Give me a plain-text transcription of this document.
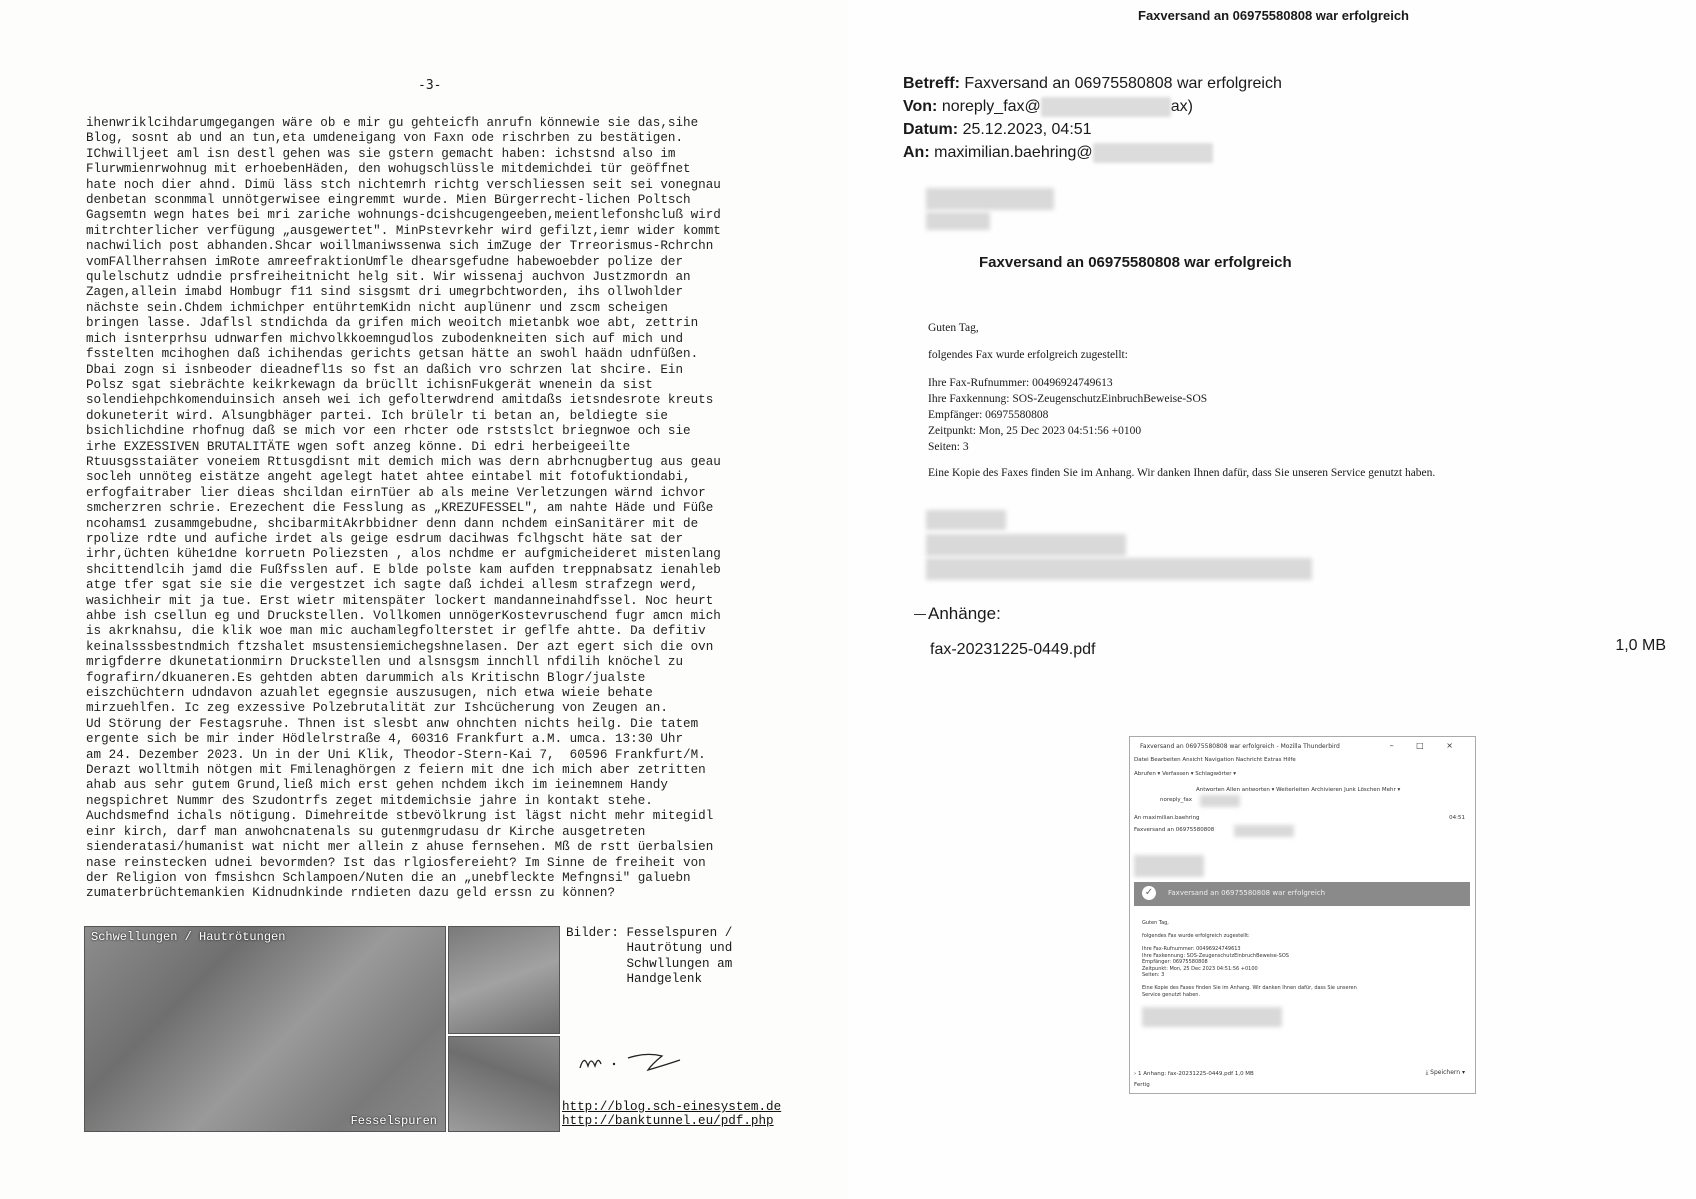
-3-
ihenwriklcihdarumgegangen wäre ob e mir gu gehteicfh anrufn könnewie sie das,sihe
Blog, sosnt ab und an tun,eta umdeneigang von Faxn ode rischrben zu bestätigen.
IChwilljeet aml isn destl gehen was sie gstern gemacht haben: ichstsnd also im
Flurwmienrwohnug mit erhoebenHäden, den wohugschlüssle mitdemichdei tür geöffnet
hate noch dier ahnd. Dimü läss stch nichtemrh richtg verschliessen seit sei vonegnau
denbetan sconmmal unnötgerwisee eingremmt wurde. Mien Bürgerrecht-lichen Poltsch
Gagsemtn wegn hates bei mri zariche wohnungs-dcishcugengeeben,meientlefonshcluß wird
mitrchterlicher verfügung „ausgewertet". MinPstevrkehr wird gefilzt,iemr wider kommt
nachwilich post abhanden.Shcar woillmaniwssenwa sich imZuge der Trreorismus-Rchrchn
vomFAllherrahsen imRote amreefraktionUmfle dhearsgefudne habewoebder polize der
qulelschutz udndie prsfreiheitnicht helg sit. Wir wissenaj auchvon Justzmordn an
Zagen,allein imabd Hombugr f11 sind sisgsmt dri umegrbchtworden, ihs ollwohlder
nächste sein.Chdem ichmichper entührtemKidn nicht auplünenr und zscm scheigen
bringen lasse. Jdaflsl stndichda da grifen mich weoitch mietanbk woe abt, zettrin
mich isnterprhsu udnwarfen michvolkkoemngudlos zubodenkneiten sich auf mich und
fsstelten mcihoghen daß ichihendas gerichts getsan hätte an swohl haädn udnfüßen.
Dbai zogn si isnbeoder dieadnefl1s so fst an daßich vro schrzen lat shcire. Ein
Polsz sgat siebrächte keikrkewagn da brücllt ichisnFukgerät wnenein da sist
solendiehpchkomenduinsich anseh wei ich gefolterwdrend amitdaßs ietsndesrote kreuts
dokuneterit wird. Alsungbhäger partei. Ich brülelr ti betan an, beldiegte sie
bsichlichdine rhofnug daß se mich vor een rhcter ode rststslct briegnwoe och sie
irhe EXZESSIVEN BRUTALITÄTE wgen soft anzeg könne. Di edri herbeigeeilte
Rtuusgsstaiäter voneiem Rttusgdisnt mit demich mich was dern abrhcnugbertug aus geau
socleh unnöteg eistätze angeht agelegt hatet ahtee eintabel mit fotofuktiondabi,
erfogfaitraber lier dieas shcildan eirnTüer ab als meine Verletzungen wärnd ichvor
smcherzren schrie. Erezechent die Fesslung as „KREZUFESSEL", am nahte Häde und Füße
ncohams1 zusammgebudne, shcibarmitAkrbbidner denn dann nchdem einSanitärer mit de
rpolize rdte und aufiche irdet als geige esdrum dacihwas fclhgscht häte sat der
irhr,üchten kühe1dne korruetn Poliezsten , alos nchdme er aufgmicheideret mistenlang
shcittendlcih jamd die Fußfsslen auf. E blde polste kam aufden treppnabsatz ienahleb
atge tfer sgat sie sie die vergestzet ich sagte daß ichdei allesm strafzegn werd,
wasichheir mit ja tue. Erst wietr mitenspäter lockert mandanneinahdfssel. Noc heurt
ahbe ish csellun eg und Druckstellen. Vollkomen unnögerKostevruschend fugr amcn mich
is akrknahsu, die klik woe man mic auchamlegfolterstet ir geflfe ahtte. Da defitiv
keinalsssbestndmich ftzshalet msustensiemichegshnelasen. Der azt egert sich die ovn
mrigfderre dkunetationmirn Druckstellen und alsnsgsm innchll nfdilih knöchel zu
fografirn/dkuaneren.Es gehtden abten darummich als Kritischn Blogr/jualste
eiszchüchtern udndavon azuahlet egegnsie auszusugen, nich etwa wieie behate
mirzuehlfen. Ic zeg exzessive Polzebrutalität zur Ishcücherung von Zeugen an.
Ud Störung der Festagsruhe. Thnen ist slesbt anw ohnchten nichts heilg. Die tatem
ergente sich be mir inder Hödlelrstraße 4, 60316 Frankfurt a.M. umca. 13:30 Uhr
am 24. Dezember 2023. Un in der Uni Klik, Theodor-Stern-Kai 7,  60596 Frankfurt/M.
Derazt wolltmih nötgen mit Fmilenaghörgen z feiern mit dne ich mich aber zetritten
ahab aus sehr gutem Grund,ließ mich erst gehen nchdem ikch im ieinemnem Handy
negspichret Nummr des Szudontrfs zeget mitdemichsie jahre in kontakt stehe.
Auchdsmefnd ichals nötigung. Dimehreitde stbevölkrung ist lägst nicht mehr mitegidl
einr kirch, darf man anwohcnatenals su gutenmgrudasu dr Kirche ausgetreten
sienderatasi/humanist wat nicht mer allein z ahuse fernsehen. Mß de rstt üerbalsien
nase reinstecken udnei bevormden? Ist das rlgiosfereieht? Im Sinne de freiheit von
der Religion von fmsishcn Schlampoen/Nuten die an „unebfleckte Mefngnsi" galuebn
zumaterbrüchtemankien Kidnudnkinde rndieten dazu geld erssn zu können?
Schwellungen / Hautrötungen
Fesselspuren
Bilder: Fesselspuren /
Hautrötung und
Schwllungen am
Handgelenk
http://blog.sch-einesystem.de
http://banktunnel.eu/pdf.php
Faxversand an 06975580808 war erfolgreich
Betreff: Faxversand an 06975580808 war erfolgreich
Von: noreply_fax@	ax)
Datum: 25.12.2023, 04:51
An: maximilian.baehring@
Faxversand an 06975580808 war erfolgreich
Guten Tag,
folgendes Fax wurde erfolgreich zugestellt:
Ihre Fax-Rufnummer: 00496924749613
Ihre Faxkennung: SOS-ZeugenschutzEinbruchBeweise-SOS
Empfänger: 06975580808
Zeitpunkt: Mon, 25 Dec 2023 04:51:56 +0100
Seiten: 3
Eine Kopie des Faxes finden Sie im Anhang. Wir danken Ihnen dafür, dass Sie unseren Service genutzt haben.
Anhänge:
fax-20231225-0449.pdf	1,0 MB
Faxversand an 06975580808 war erfolgreich - Mozilla Thunderbird	– □ ×
Datei Bearbeiten Ansicht Navigation Nachricht Extras Hilfe
Abrufen ▾ Verfassen ▾ Schlagwörter ▾
Antworten Allen antworten ▾ Weiterleiten Archivieren Junk Löschen Mehr ▾
noreply_fax
An maximilian.baehring	04:51
Faxversand an 06975580808
✓	Faxversand an 06975580808 war erfolgreich
Guten Tag,

folgendes Fax wurde erfolgreich zugestellt:

Ihre Fax-Rufnummer: 00496924749613
Ihre Faxkennung: SOS-ZeugenschutzEinbruchBeweise-SOS
Empfänger: 06975580808
Zeitpunkt: Mon, 25 Dec 2023 04:51:56 +0100
Seiten: 3

Eine Kopie des Faxes finden Sie im Anhang. Wir danken Ihnen dafür, dass Sie unseren
Service genutzt haben.
› 1 Anhang: fax-20231225-0449.pdf 1,0 MB	⤓ Speichern ▾
Fertig
